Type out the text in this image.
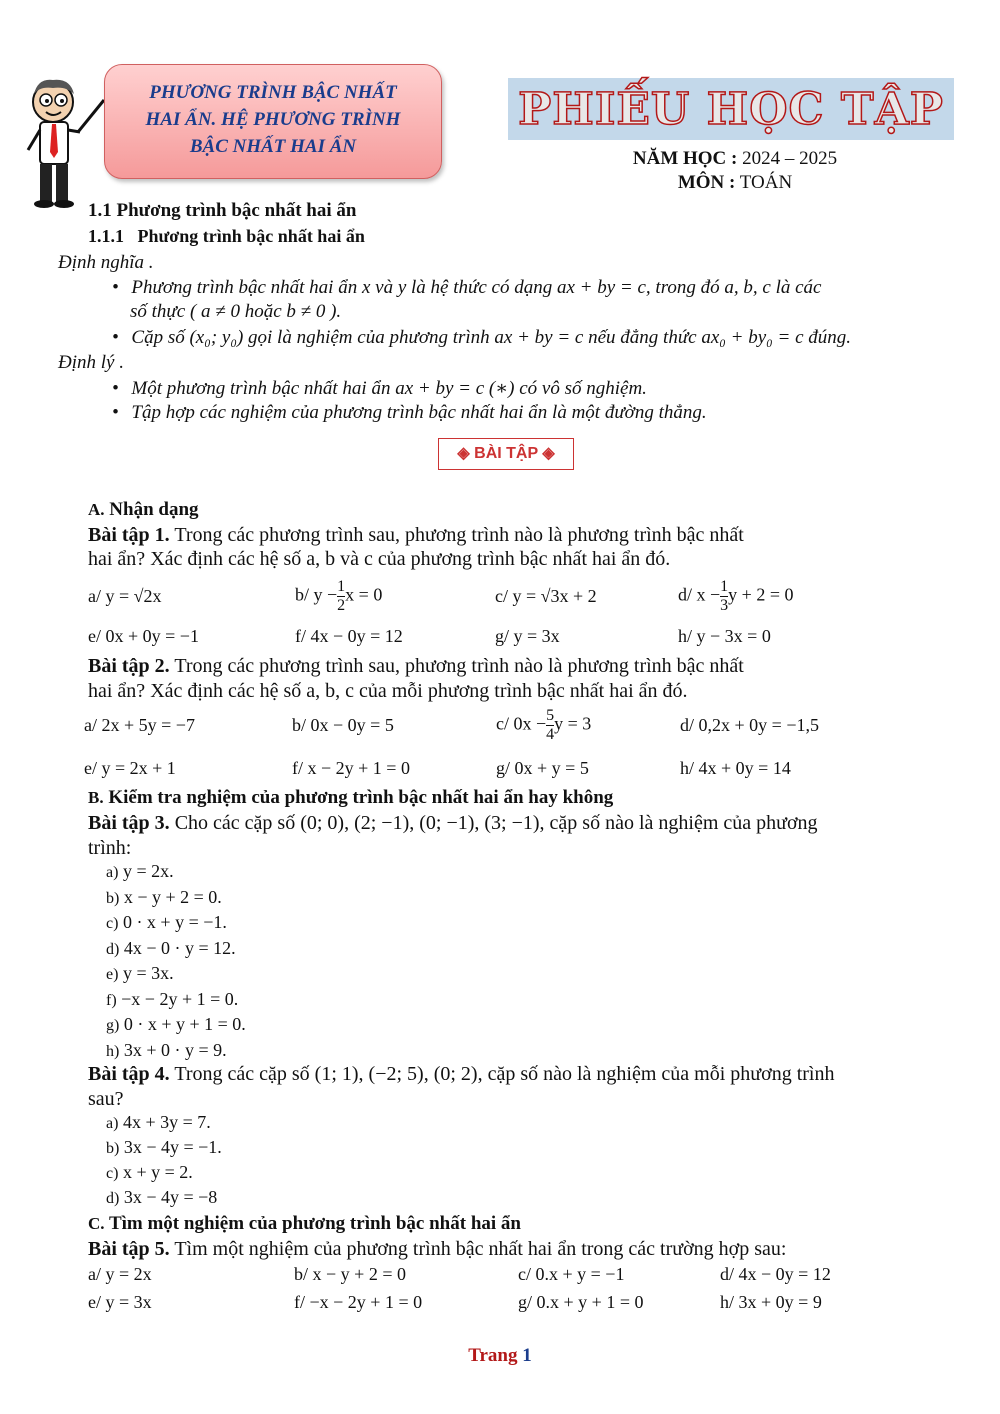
PHƯƠNG TRÌNH BẬC NHẤT
HAI ẨN. HỆ PHƯƠNG TRÌNH
BẬC NHẤT HAI ẨN
PHIẾU HỌC TẬP
NĂM HỌC : 2024 – 2025
MÔN : TOÁN
1.1 Phương trình bậc nhất hai ẩn
1.1.1 Phương trình bậc nhất hai ẩn
Định nghĩa .
• Phương trình bậc nhất hai ẩn x và y là hệ thức có dạng ax + by = c, trong đó a, b, c là các
số thực ( a ≠ 0 hoặc b ≠ 0 ).
• Cặp số (x₀; y₀) gọi là nghiệm của phương trình ax + by = c nếu đẳng thức ax₀ + by₀ = c đúng.
Định lý .
• Một phương trình bậc nhất hai ẩn ax + by = c (∗) có vô số nghiệm.
• Tập hợp các nghiệm của phương trình bậc nhất hai ẩn là một đường thẳng.
◈ BÀI TẬP ◈
A. Nhận dạng
Bài tập 1. Trong các phương trình sau, phương trình nào là phương trình bậc nhất
hai ẩn? Xác định các hệ số a, b và c của phương trình bậc nhất hai ẩn đó.
a/ y = √2x	b/ $y - \frac{1}{2}$ x = 0	c/ y = √3x + 2	d/ $x - \frac{1}{3}$ y + 2 = 0
e/ 0x + 0y = −1	f/ 4x − 0y = 12	g/ y = 3x	h/ y − 3x = 0
Bài tập 2. Trong các phương trình sau, phương trình nào là phương trình bậc nhất
hai ẩn? Xác định các hệ số a, b, c của mỗi phương trình bậc nhất hai ẩn đó.
a/ 2x + 5y = −7	b/ 0x − 0y = 5	c/ $0x - \frac{5}{4}$ y = 3	d/ 0,2x + 0y = −1,5
e/ y = 2x + 1	f/ x − 2y + 1 = 0	g/ 0x + y = 5	h/ 4x + 0y = 14
B. Kiểm tra nghiệm của phương trình bậc nhất hai ẩn hay không
Bài tập 3. Cho các cặp số (0; 0), (2; −1), (0; −1), (3; −1), cặp số nào là nghiệm của phương
trình:
a) y = 2x.
b) x − y + 2 = 0.
c) 0 · x + y = −1.
d) 4x − 0 · y = 12.
e) y = 3x.
f) −x − 2y + 1 = 0.
g) 0 · x + y + 1 = 0.
h) 3x + 0 · y = 9.
Bài tập 4. Trong các cặp số (1; 1), (−2; 5), (0; 2), cặp số nào là nghiệm của mỗi phương trình
sau?
a) 4x + 3y = 7.
b) 3x − 4y = −1.
c) x + y = 2.
d) 3x − 4y = −8
C. Tìm một nghiệm của phương trình bậc nhất hai ẩn
Bài tập 5. Tìm một nghiệm của phương trình bậc nhất hai ẩn trong các trường hợp sau:
a/ y = 2x	b/ x − y + 2 = 0	c/ 0.x + y = −1	d/ 4x − 0y = 12
e/ y = 3x	f/ −x − 2y + 1 = 0	g/ 0.x + y + 1 = 0	h/ 3x + 0y = 9
Trang 1
